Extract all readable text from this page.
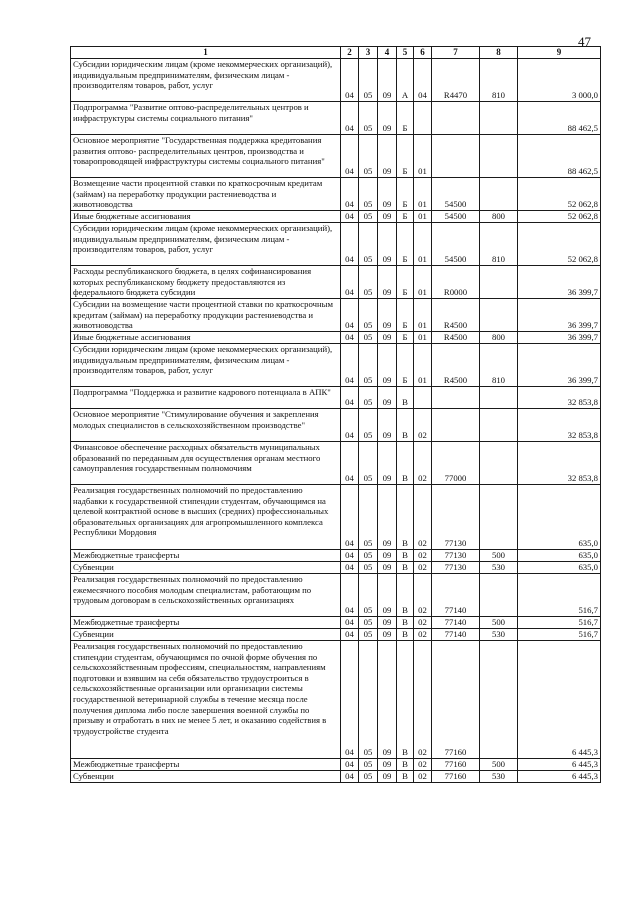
47
1	2	3	4	5	6	7	8	9
Субсидии юридическим лицам (кроме некоммерческих организаций), индивидуальным предпринимателям, физическим лицам - производителям товаров, работ, услуг	04	05	09	А	04	R4470	810	3 000,0
Подпрограмма "Развитие оптово-распределительных центров и инфраструктуры системы социального питания"	04	05	09	Б				88 462,5
Основное мероприятие "Государственная поддержка кредитования развития оптово- распределительных центров, производства и товаропроводящей инфраструктуры системы социального питания"	04	05	09	Б	01			88 462,5
Возмещение части процентной ставки по краткосрочным кредитам (займам) на переработку продукции растениеводства и животноводства	04	05	09	Б	01	54500		52 062,8
Иные бюджетные ассигнования	04	05	09	Б	01	54500	800	52 062,8
Субсидии юридическим лицам (кроме некоммерческих организаций), индивидуальным предпринимателям, физическим лицам - производителям товаров, работ, услуг	04	05	09	Б	01	54500	810	52 062,8
Расходы республиканского бюджета, в целях софинансирования которых республиканскому бюджету предоставляются из федерального бюджета субсидии	04	05	09	Б	01	R0000		36 399,7
Субсидии на возмещение части процентной ставки по краткосрочным кредитам (займам) на переработку продукции растениеводства и животноводства	04	05	09	Б	01	R4500		36 399,7
Иные бюджетные ассигнования	04	05	09	Б	01	R4500	800	36 399,7
Субсидии юридическим лицам (кроме некоммерческих организаций), индивидуальным предпринимателям, физическим лицам - производителям товаров, работ, услуг	04	05	09	Б	01	R4500	810	36 399,7
Подпрограмма "Поддержка и развитие кадрового потенциала в АПК"	04	05	09	В				32 853,8
Основное мероприятие "Стимулирование обучения и закрепления молодых специалистов в сельскохозяйственном производстве"	04	05	09	В	02			32 853,8
Финансовое обеспечение расходных обязательств муниципальных образований по переданным для осуществления органам местного самоуправления государственным полномочиям	04	05	09	В	02	77000		32 853,8
Реализация государственных полномочий по предоставлению надбавки к государственной стипендии студентам, обучающимся на целевой контрактной основе в высших (средних) профессиональных образовательных организациях для агропромышленного комплекса Республики Мордовия	04	05	09	В	02	77130		635,0
Межбюджетные трансферты	04	05	09	В	02	77130	500	635,0
Субвенции	04	05	09	В	02	77130	530	635,0
Реализация государственных полномочий по предоставлению ежемесячного пособия молодым специалистам, работающим по трудовым договорам в сельскохозяйственных организациях	04	05	09	В	02	77140		516,7
Межбюджетные трансферты	04	05	09	В	02	77140	500	516,7
Субвенции	04	05	09	В	02	77140	530	516,7
Реализация государственных полномочий по предоставлению стипендии студентам, обучающимся по очной форме обучения по сельскохозяйственным профессиям, специальностям, направлениям подготовки и взявшим на себя обязательство трудоустроиться в сельскохозяйственные организации или организации системы государственной ветеринарной службы в течение месяца после получения диплома либо после завершения военной службы по призыву и отработать в них не менее 5 лет, и оказанию содействия в трудоустройстве студента	04	05	09	В	02	77160		6 445,3
Межбюджетные трансферты	04	05	09	В	02	77160	500	6 445,3
Субвенции	04	05	09	В	02	77160	530	6 445,3
